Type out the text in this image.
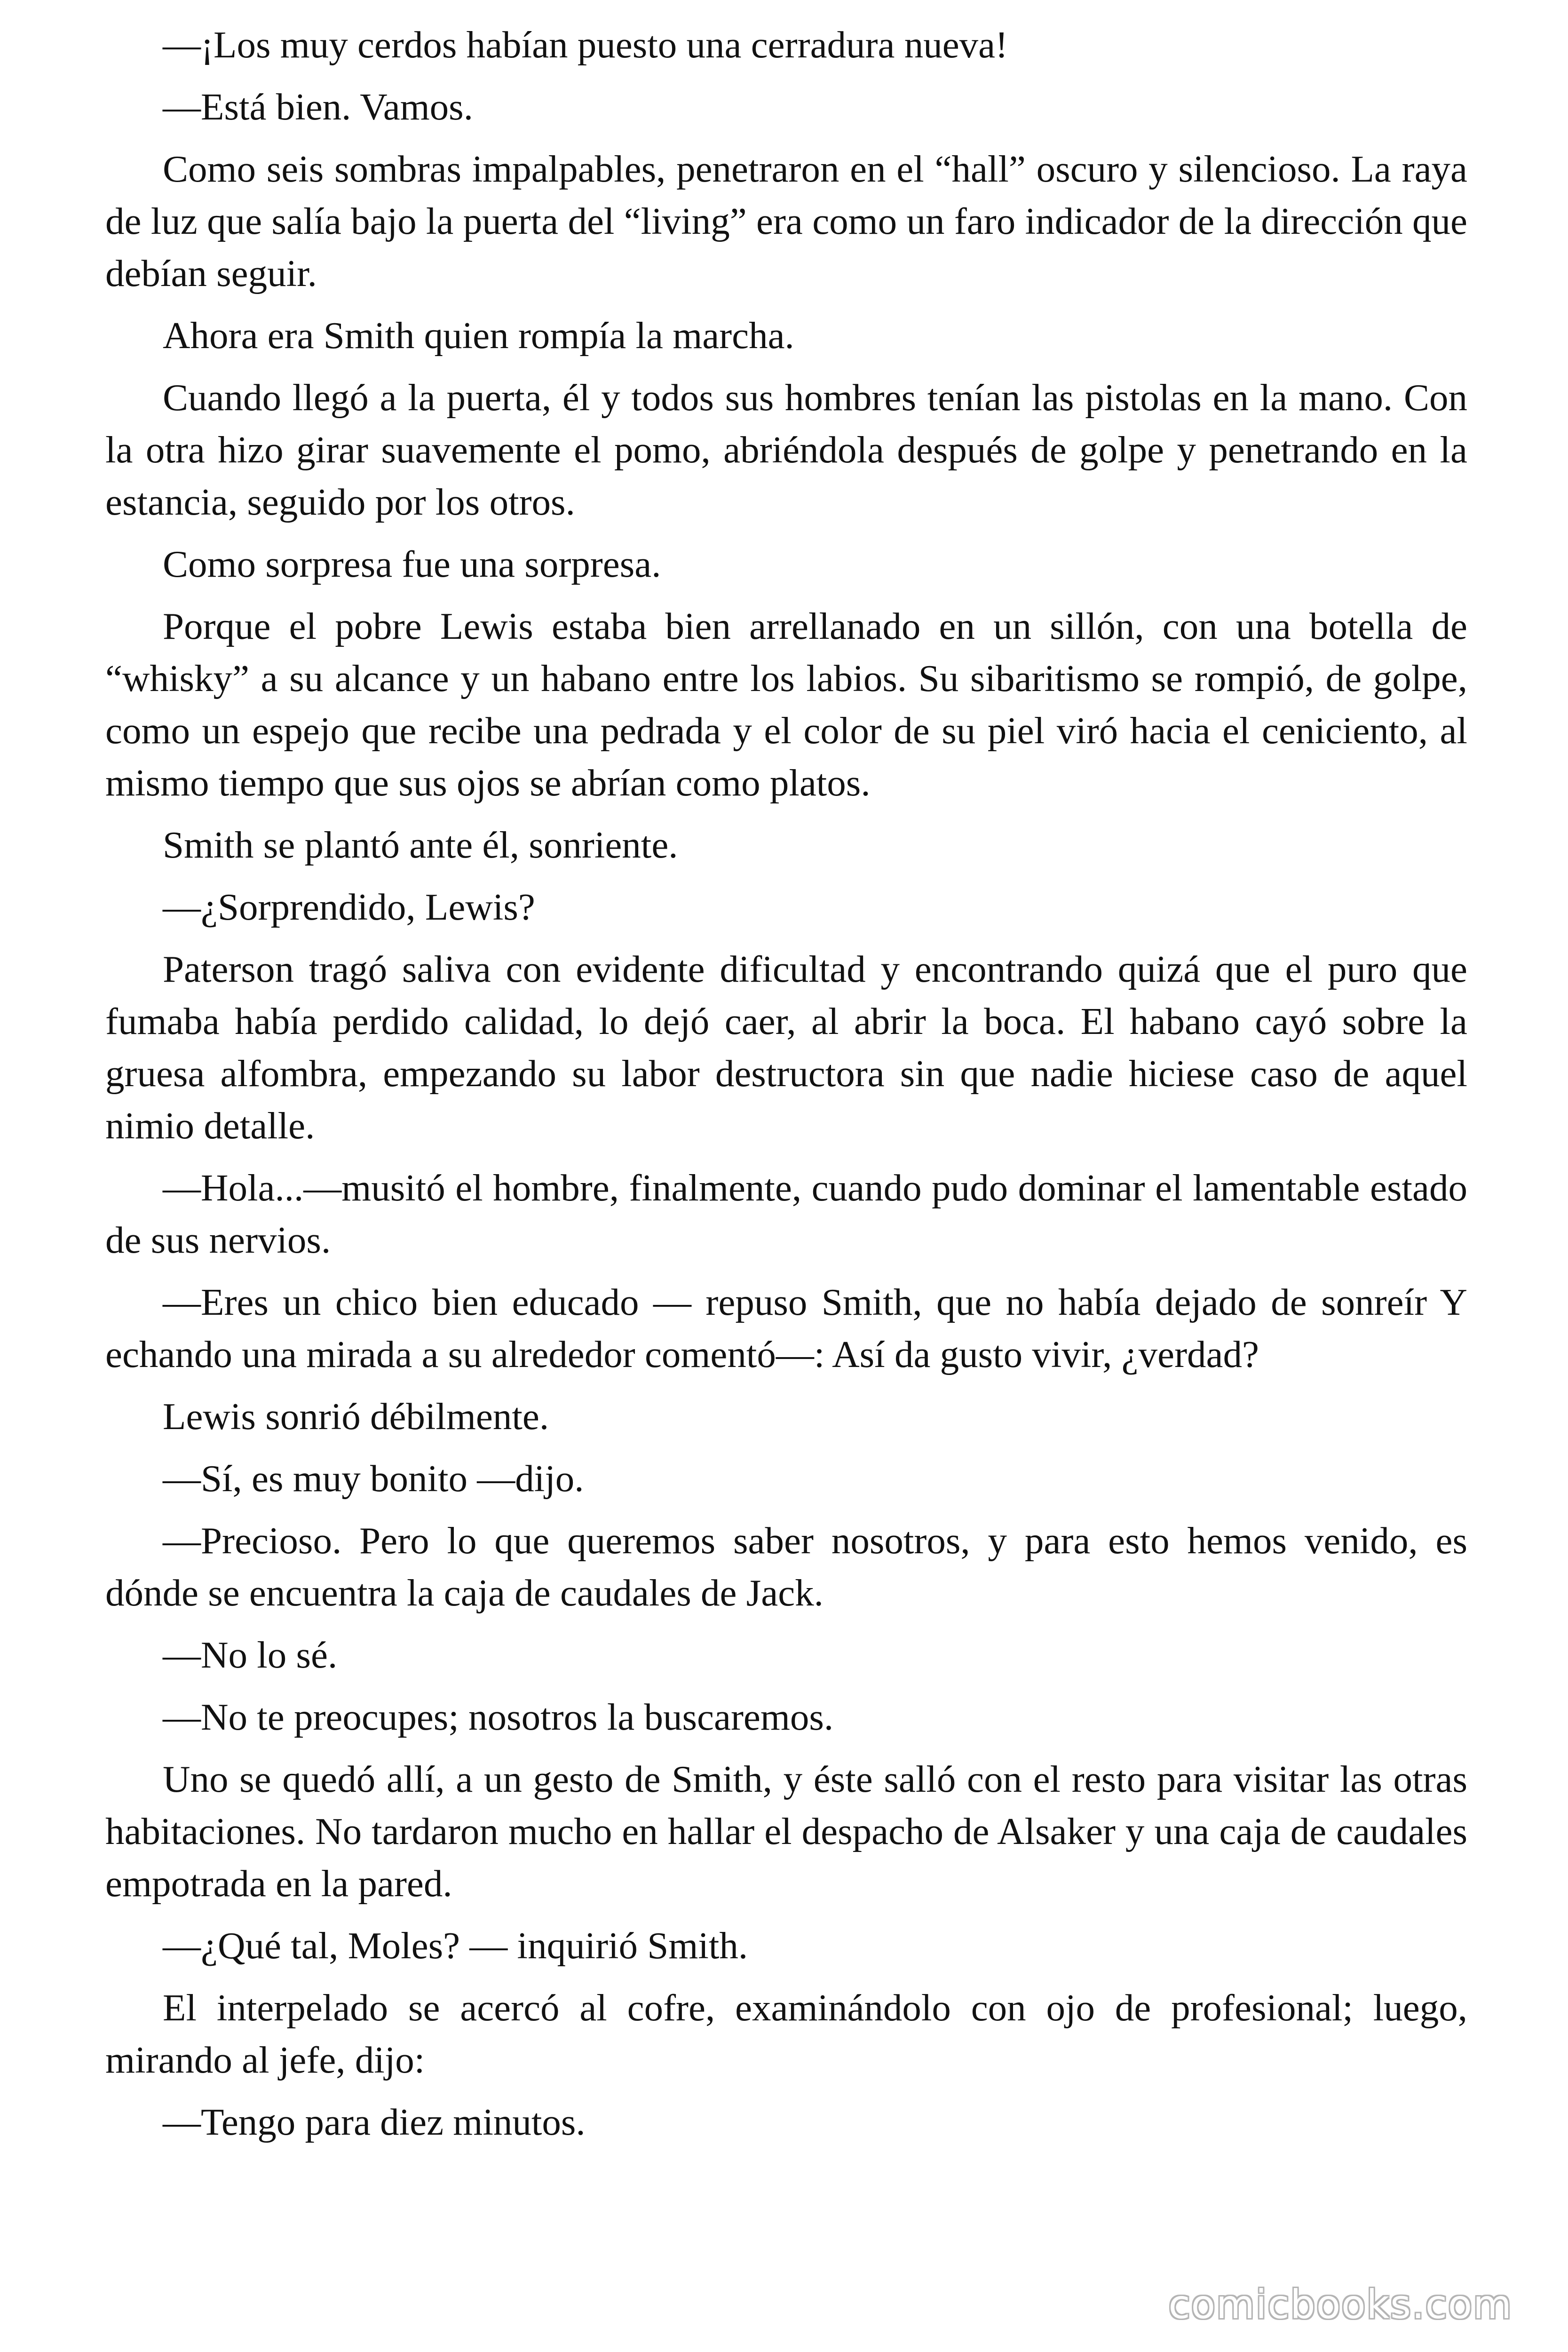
—¡Los muy cerdos habían puesto una cerradura nueva!

—Está bien. Vamos.

Como seis sombras impalpables, penetraron en el “hall” oscuro y silencioso. La raya de luz que salía bajo la puerta del “living” era como un faro indicador de la dirección que debían seguir.

Ahora era Smith quien rompía la marcha.

Cuando llegó a la puerta, él y todos sus hombres tenían las pistolas en la mano. Con la otra hizo girar suavemente el pomo, abriéndola después de golpe y penetrando en la estancia, seguido por los otros.

Como sorpresa fue una sorpresa.

Porque el pobre Lewis estaba bien arrellanado en un sillón, con una botella de “whisky” a su alcance y un habano entre los labios. Su sibaritismo se rompió, de golpe, como un espejo que recibe una pedrada y el color de su piel viró hacia el ceniciento, al mismo tiempo que sus ojos se abrían como platos.

Smith se plantó ante él, sonriente.

—¿Sorprendido, Lewis?

Paterson tragó saliva con evidente dificultad y encontrando quizá que el puro que fumaba había perdido calidad, lo dejó caer, al abrir la boca. El habano cayó sobre la gruesa alfombra, empezando su labor destructora sin que nadie hiciese caso de aquel nimio detalle.

—Hola...—musitó el hombre, finalmente, cuando pudo dominar el lamentable estado de sus nervios.

—Eres un chico bien educado — repuso Smith, que no había dejado de sonreír Y echando una mirada a su alrededor comentó—: Así da gusto vivir, ¿verdad?

Lewis sonrió débilmente.

—Sí, es muy bonito —dijo.

—Precioso. Pero lo que queremos saber nosotros, y para esto hemos venido, es dónde se encuentra la caja de caudales de Jack.

—No lo sé.

—No te preocupes; nosotros la buscaremos.

Uno se quedó allí, a un gesto de Smith, y éste salló con el resto para visitar las otras habitaciones. No tardaron mucho en hallar el despacho de Alsaker y una caja de caudales empotrada en la pared.

—¿Qué tal, Moles? — inquirió Smith.

El interpelado se acercó al cofre, examinándolo con ojo de profesional; luego, mirando al jefe, dijo:

—Tengo para diez minutos.

comicbooks.com
